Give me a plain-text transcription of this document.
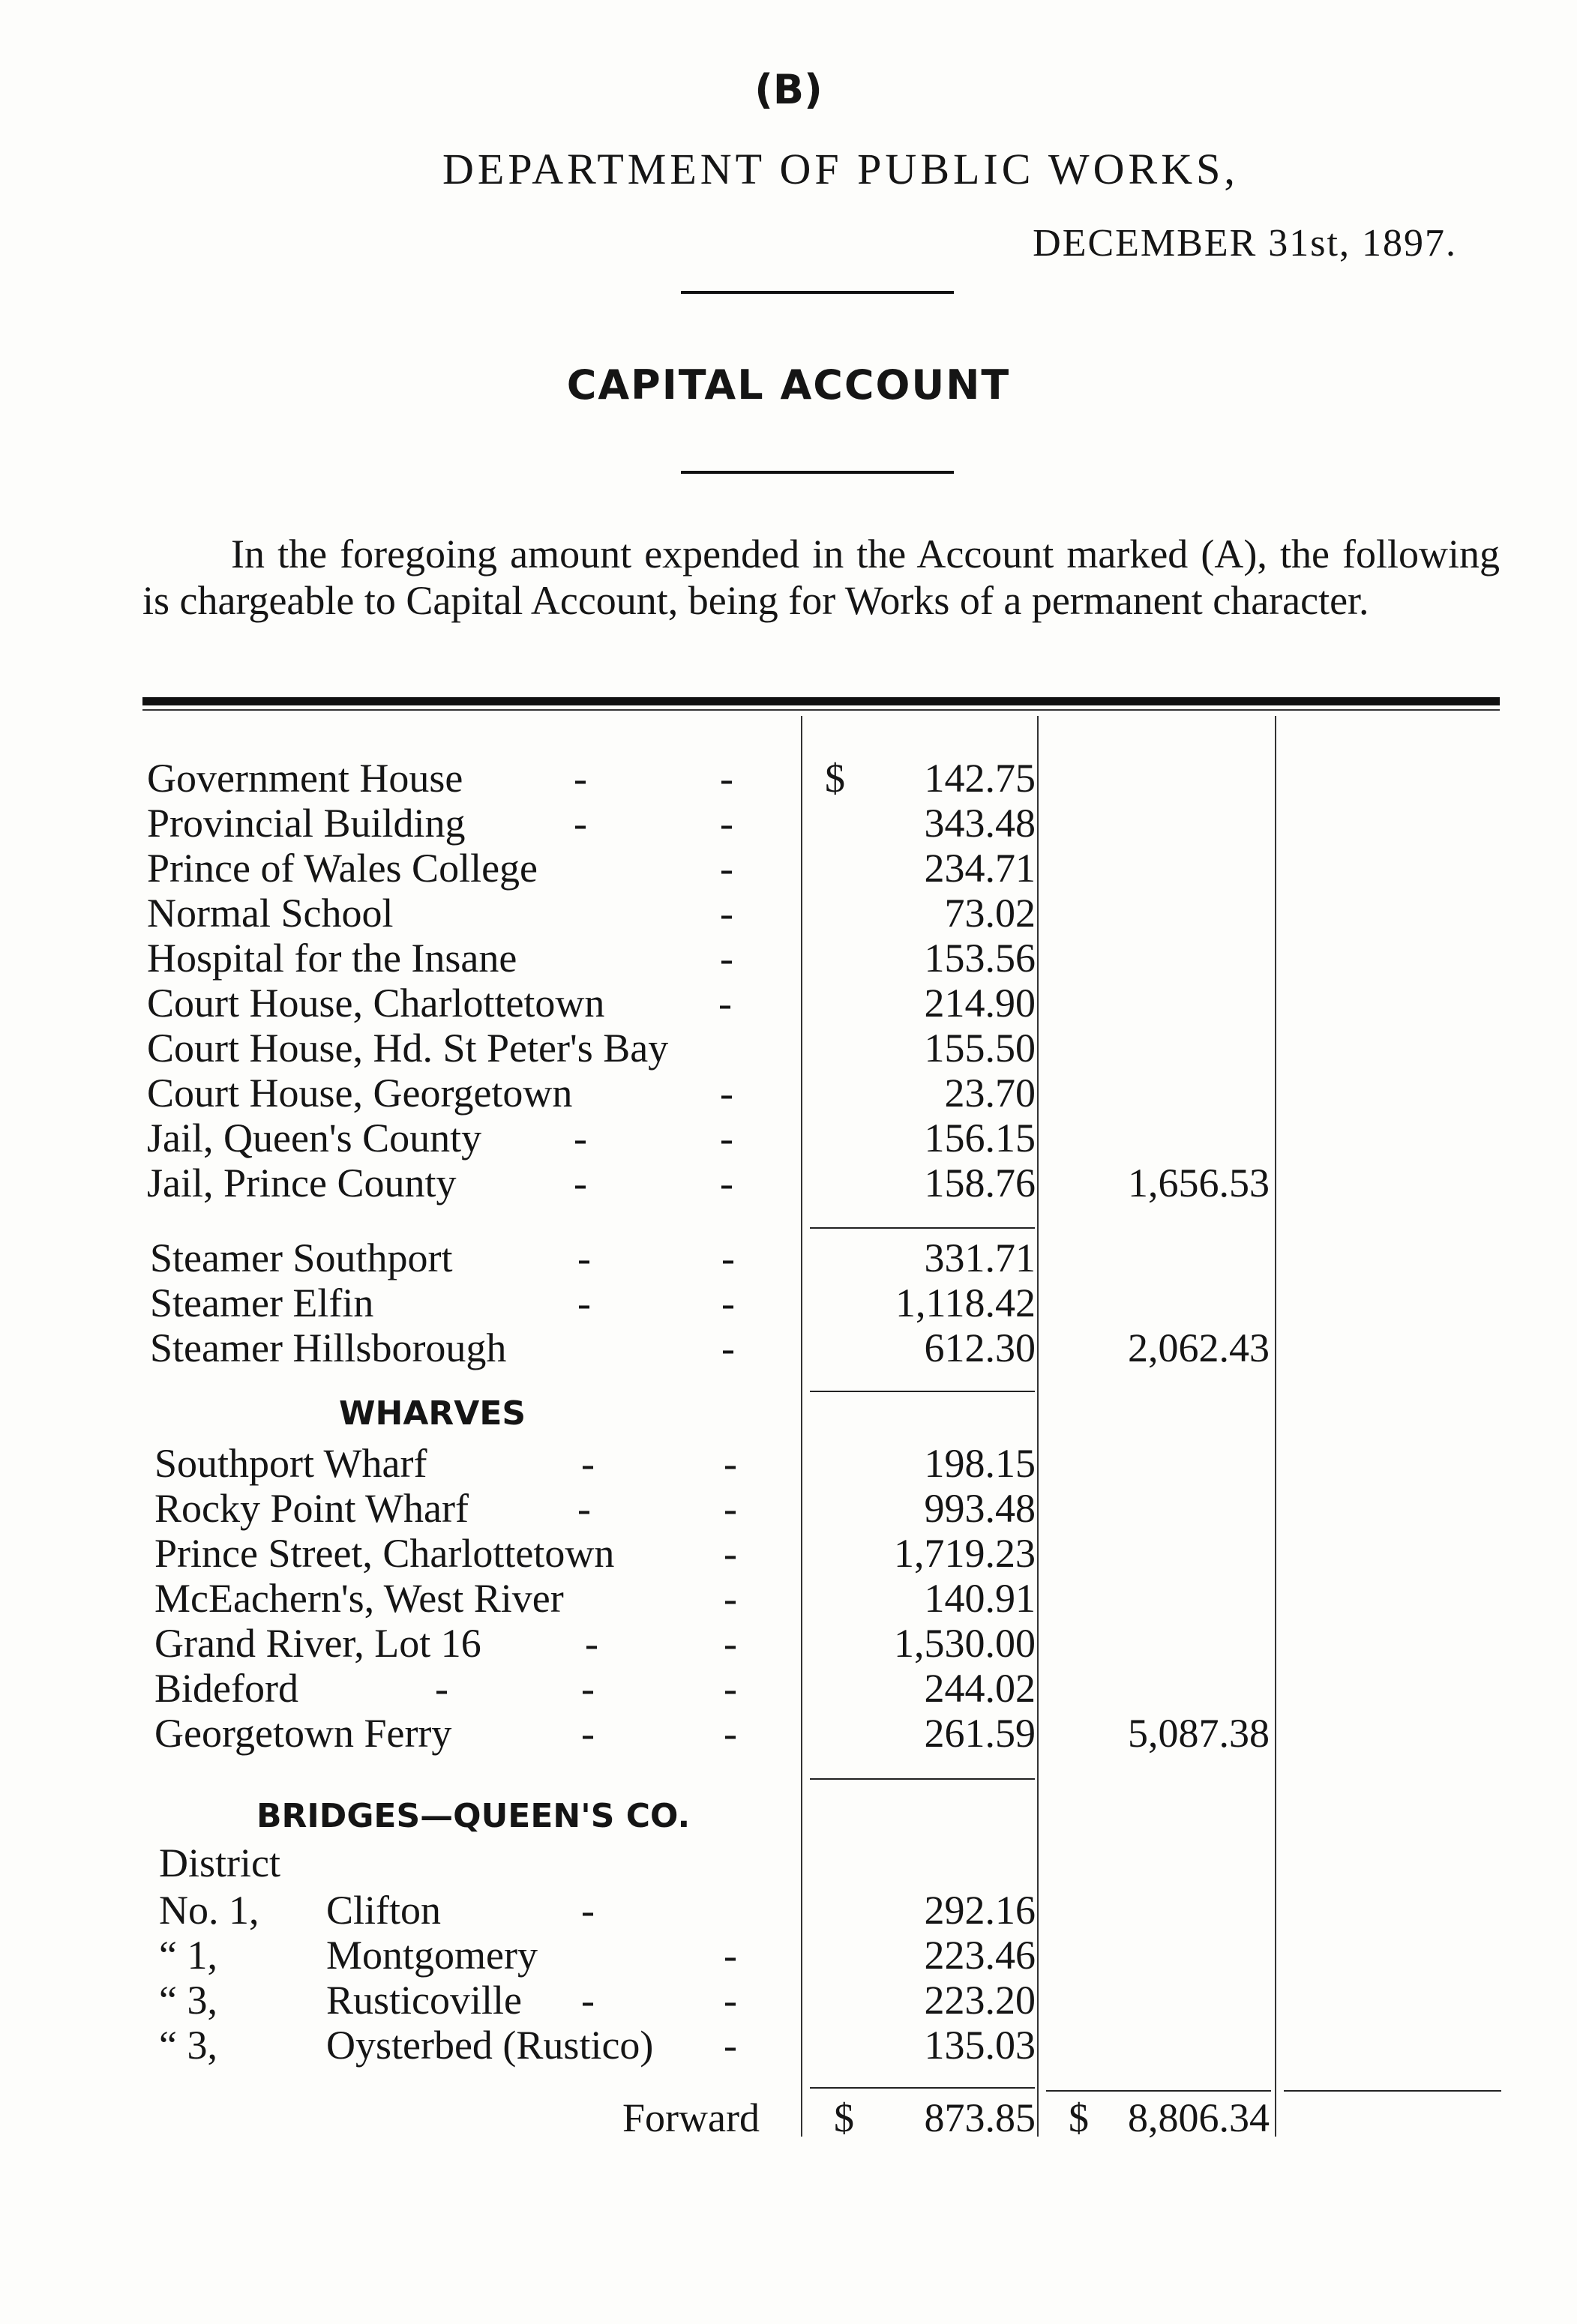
(B)
DEPARTMENT OF PUBLIC WORKS,
DECEMBER 31st, 1897.
CAPITAL ACCOUNT
In the foregoing amount expended in the Account marked (A), the following is chargeable to Capital Account, being for Works of a permanent character.
Government House	-	- $ 142.75
Provincial Building	-	-	343.48
Prince of Wales College	-	234.71
Normal School	-	73.02
Hospital for the Insane	-	153.56
Court House, Charlottetown	-	214.90
Court House, Hd. St Peter's Bay	155.50
Court House, Georgetown	-	23.70
Jail, Queen's County -	-	156.15
Jail, Prince County	-	-	158.76 1,656.53
Steamer Southport	-	-	331.71
Steamer Elfin	-	-	1,118.42
Steamer Hillsborough	-	612.30 2,062.43
WHARVES
Southport Wharf	-	-	198.15
Rocky Point Wharf	-	-	993.48
Prince Street, Charlottetown	-	1,719.23
McEachern's, West River	-	140.91
Grand River, Lot 16	-	-	1,530.00
Bideford	-	-	-	244.02
Georgetown Ferry	-	-	261.59 5,087.38
BRIDGES—QUEEN'S CO.
District
No. 1, Clifton	-	292.16
“ 1,	Montgomery	-	223.46
“ 3,	Rusticoville -	-	223.20
“ 3,	Oysterbed (Rustico) -	135.03
Forward $ 873.85 $ 8,806.34
